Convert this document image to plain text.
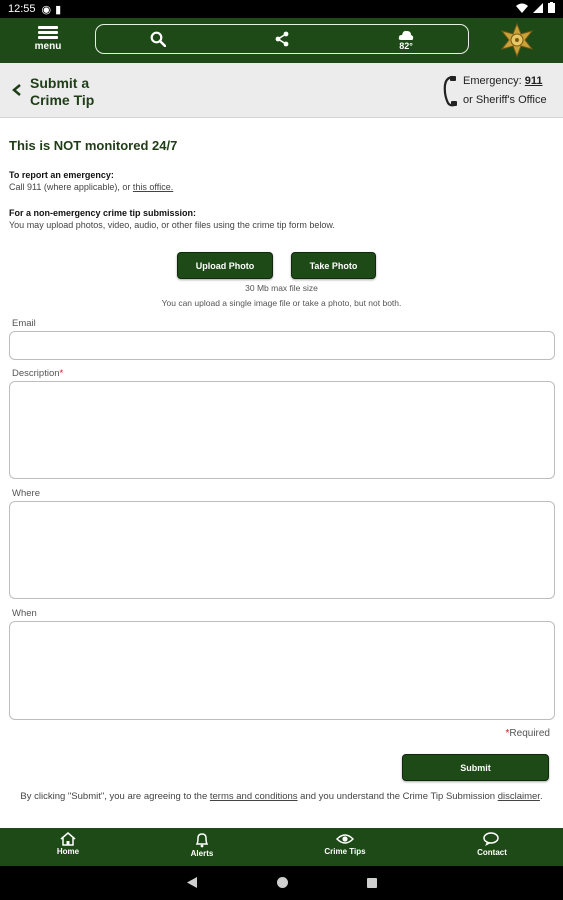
12:55 ◉ ▮
menu	82°
Submit a
Crime Tip
Emergency: 911
or Sheriff's Office
This is NOT monitored 24/7
To report an emergency:
Call 911 (where applicable), or this office.
For a non-emergency crime tip submission:
You may upload photos, video, audio, or other files using the crime tip form below.
Upload Photo	Take Photo
30 Mb max file size
You can upload a single image file or take a photo, but not both.
Email
Description*
Where
When
*Required
Submit
By clicking "Submit", you are agreeing to the terms and conditions and you understand the Crime Tip Submission disclaimer.
Home	Alerts	Crime Tips	Contact
